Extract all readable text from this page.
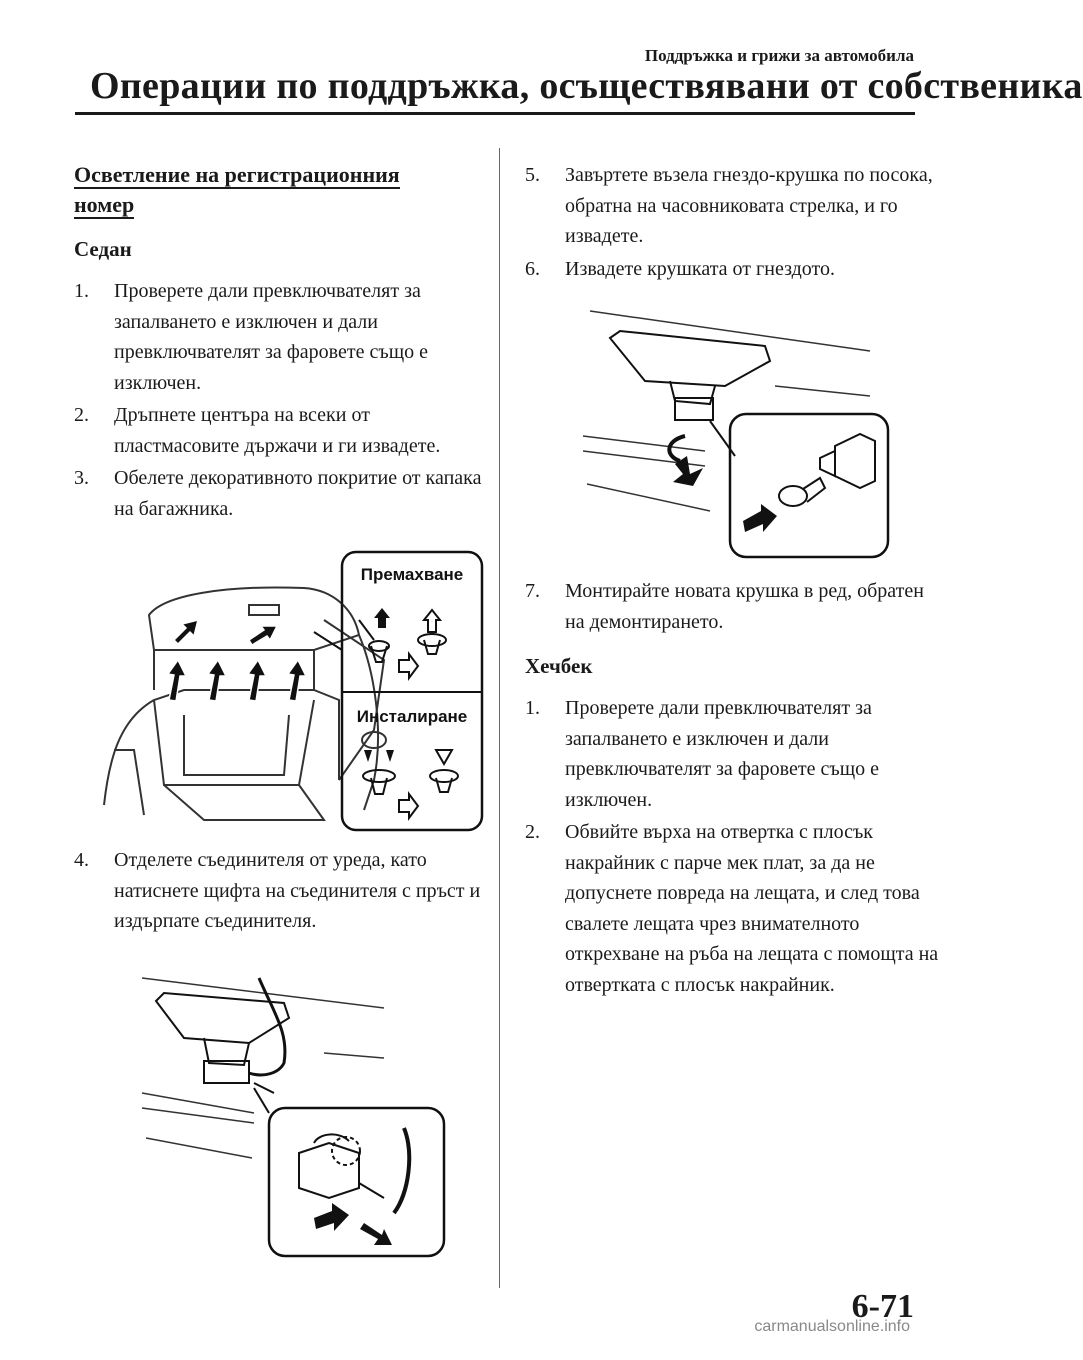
Поддръжка и грижи за автомобила
Операции по поддръжка, осъществявани от собственика
Осветление на регистрационния
номер
Седан
1.	Проверете дали превключвателят за запалването е изключен и дали превключвателят за фаровете също е изключен.
2.	Дръпнете центъра на всеки от пластмасовите държачи и ги извадете.
3.	Обелете декоративното покритие от капака на багажника.
Премахване
Инсталиране
4.	Отделете съединителя от уреда, като натиснете щифта на съединителя с пръст и издърпате съединителя.
5.	Завъртете възела гнездо-крушка по посока, обратна на часовниковата стрелка, и го извадете.
6.	Извадете крушката от гнездото.
7.	Монтирайте новата крушка в ред, обратен на демонтирането.
Хечбек
1.	Проверете дали превключвателят за запалването е изключен и дали превключвателят за фаровете също е изключен.
2.	Обвийте върха на отвертка с плосък накрайник с парче мек плат, за да не допуснете повреда на лещата, и след това свалете лещата чрез внимателното открехване на ръба на лещата с помощта на отвертката с плосък накрайник.
6-71
carmanualsonline.info
